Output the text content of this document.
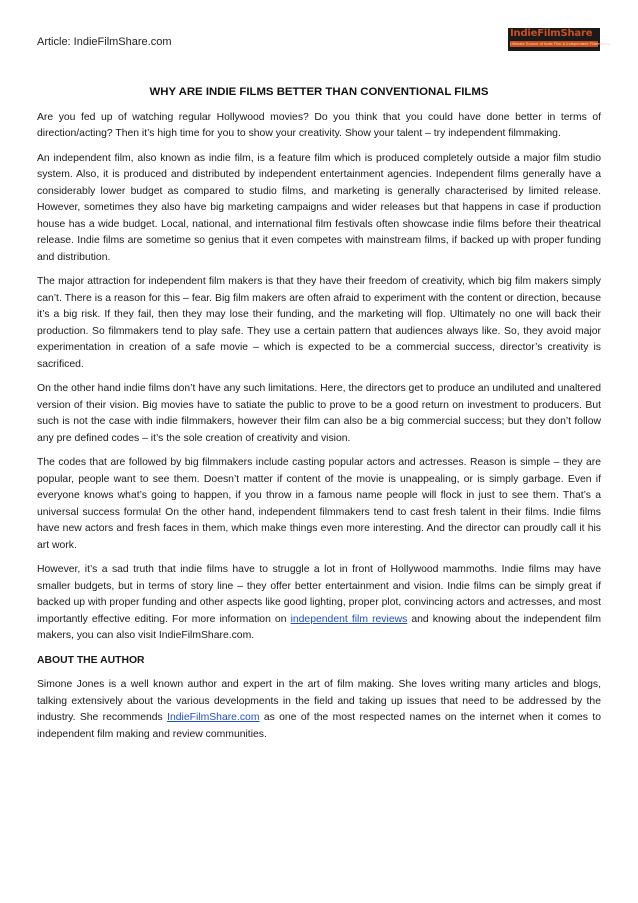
Article: IndieFilmShare.com
IndieFilmShare
Ultimate Source of Indie Film & Independent Filmmaking
WHY ARE INDIE FILMS BETTER THAN CONVENTIONAL FILMS

Are you fed up of watching regular Hollywood movies? Do you think that you could have done better in terms of direction/acting? Then it’s high time for you to show your creativity. Show your talent – try independent filmmaking.

An independent film, also known as indie film, is a feature film which is produced completely outside a major film studio system. Also, it is produced and distributed by independent entertainment agencies. Independent films generally have a considerably lower budget as compared to studio films, and marketing is generally characterised by limited release. However, sometimes they also have big marketing campaigns and wider releases but that happens in case if production house has a wide budget. Local, national, and international film festivals often showcase indie films before their theatrical release. Indie films are sometime so genius that it even competes with mainstream films, if backed up with proper funding and distribution.

The major attraction for independent film makers is that they have their freedom of creativity, which big film makers simply can’t. There is a reason for this – fear. Big film makers are often afraid to experiment with the content or direction, because it’s a big risk. If they fail, then they may lose their funding, and the marketing will flop. Ultimately no one will back their production. So filmmakers tend to play safe. They use a certain pattern that audiences always like. So, they avoid major experimentation in creation of a safe movie – which is expected to be a commercial success, director’s creativity is sacrificed.

On the other hand indie films don’t have any such limitations. Here, the directors get to produce an undiluted and unaltered version of their vision. Big movies have to satiate the public to prove to be a good return on investment to producers. But such is not the case with indie filmmakers, however their film can also be a big commercial success; but they don’t follow any pre defined codes – it’s the sole creation of creativity and vision.

The codes that are followed by big filmmakers include casting popular actors and actresses. Reason is simple – they are popular, people want to see them. Doesn’t matter if content of the movie is unappealing, or is simply garbage. Even if everyone knows what’s going to happen, if you throw in a famous name people will flock in just to see them. That’s a universal success formula! On the other hand, independent filmmakers tend to cast fresh talent in their films. Indie films have new actors and fresh faces in them, which make things even more interesting. And the director can proudly call it his art work.

However, it’s a sad truth that indie films have to struggle a lot in front of Hollywood mammoths. Indie films may have smaller budgets, but in terms of story line – they offer better entertainment and vision. Indie films can be simply great if backed up with proper funding and other aspects like good lighting, proper plot, convincing actors and actresses, and most importantly effective editing. For more information on independent film reviews and knowing about the independent film makers, you can also visit IndieFilmShare.com.

ABOUT THE AUTHOR

Simone Jones is a well known author and expert in the art of film making. She loves writing many articles and blogs, talking extensively about the various developments in the field and taking up issues that need to be addressed by the industry. She recommends IndieFilmShare.com as one of the most respected names on the internet when it comes to independent film making and review communities.
